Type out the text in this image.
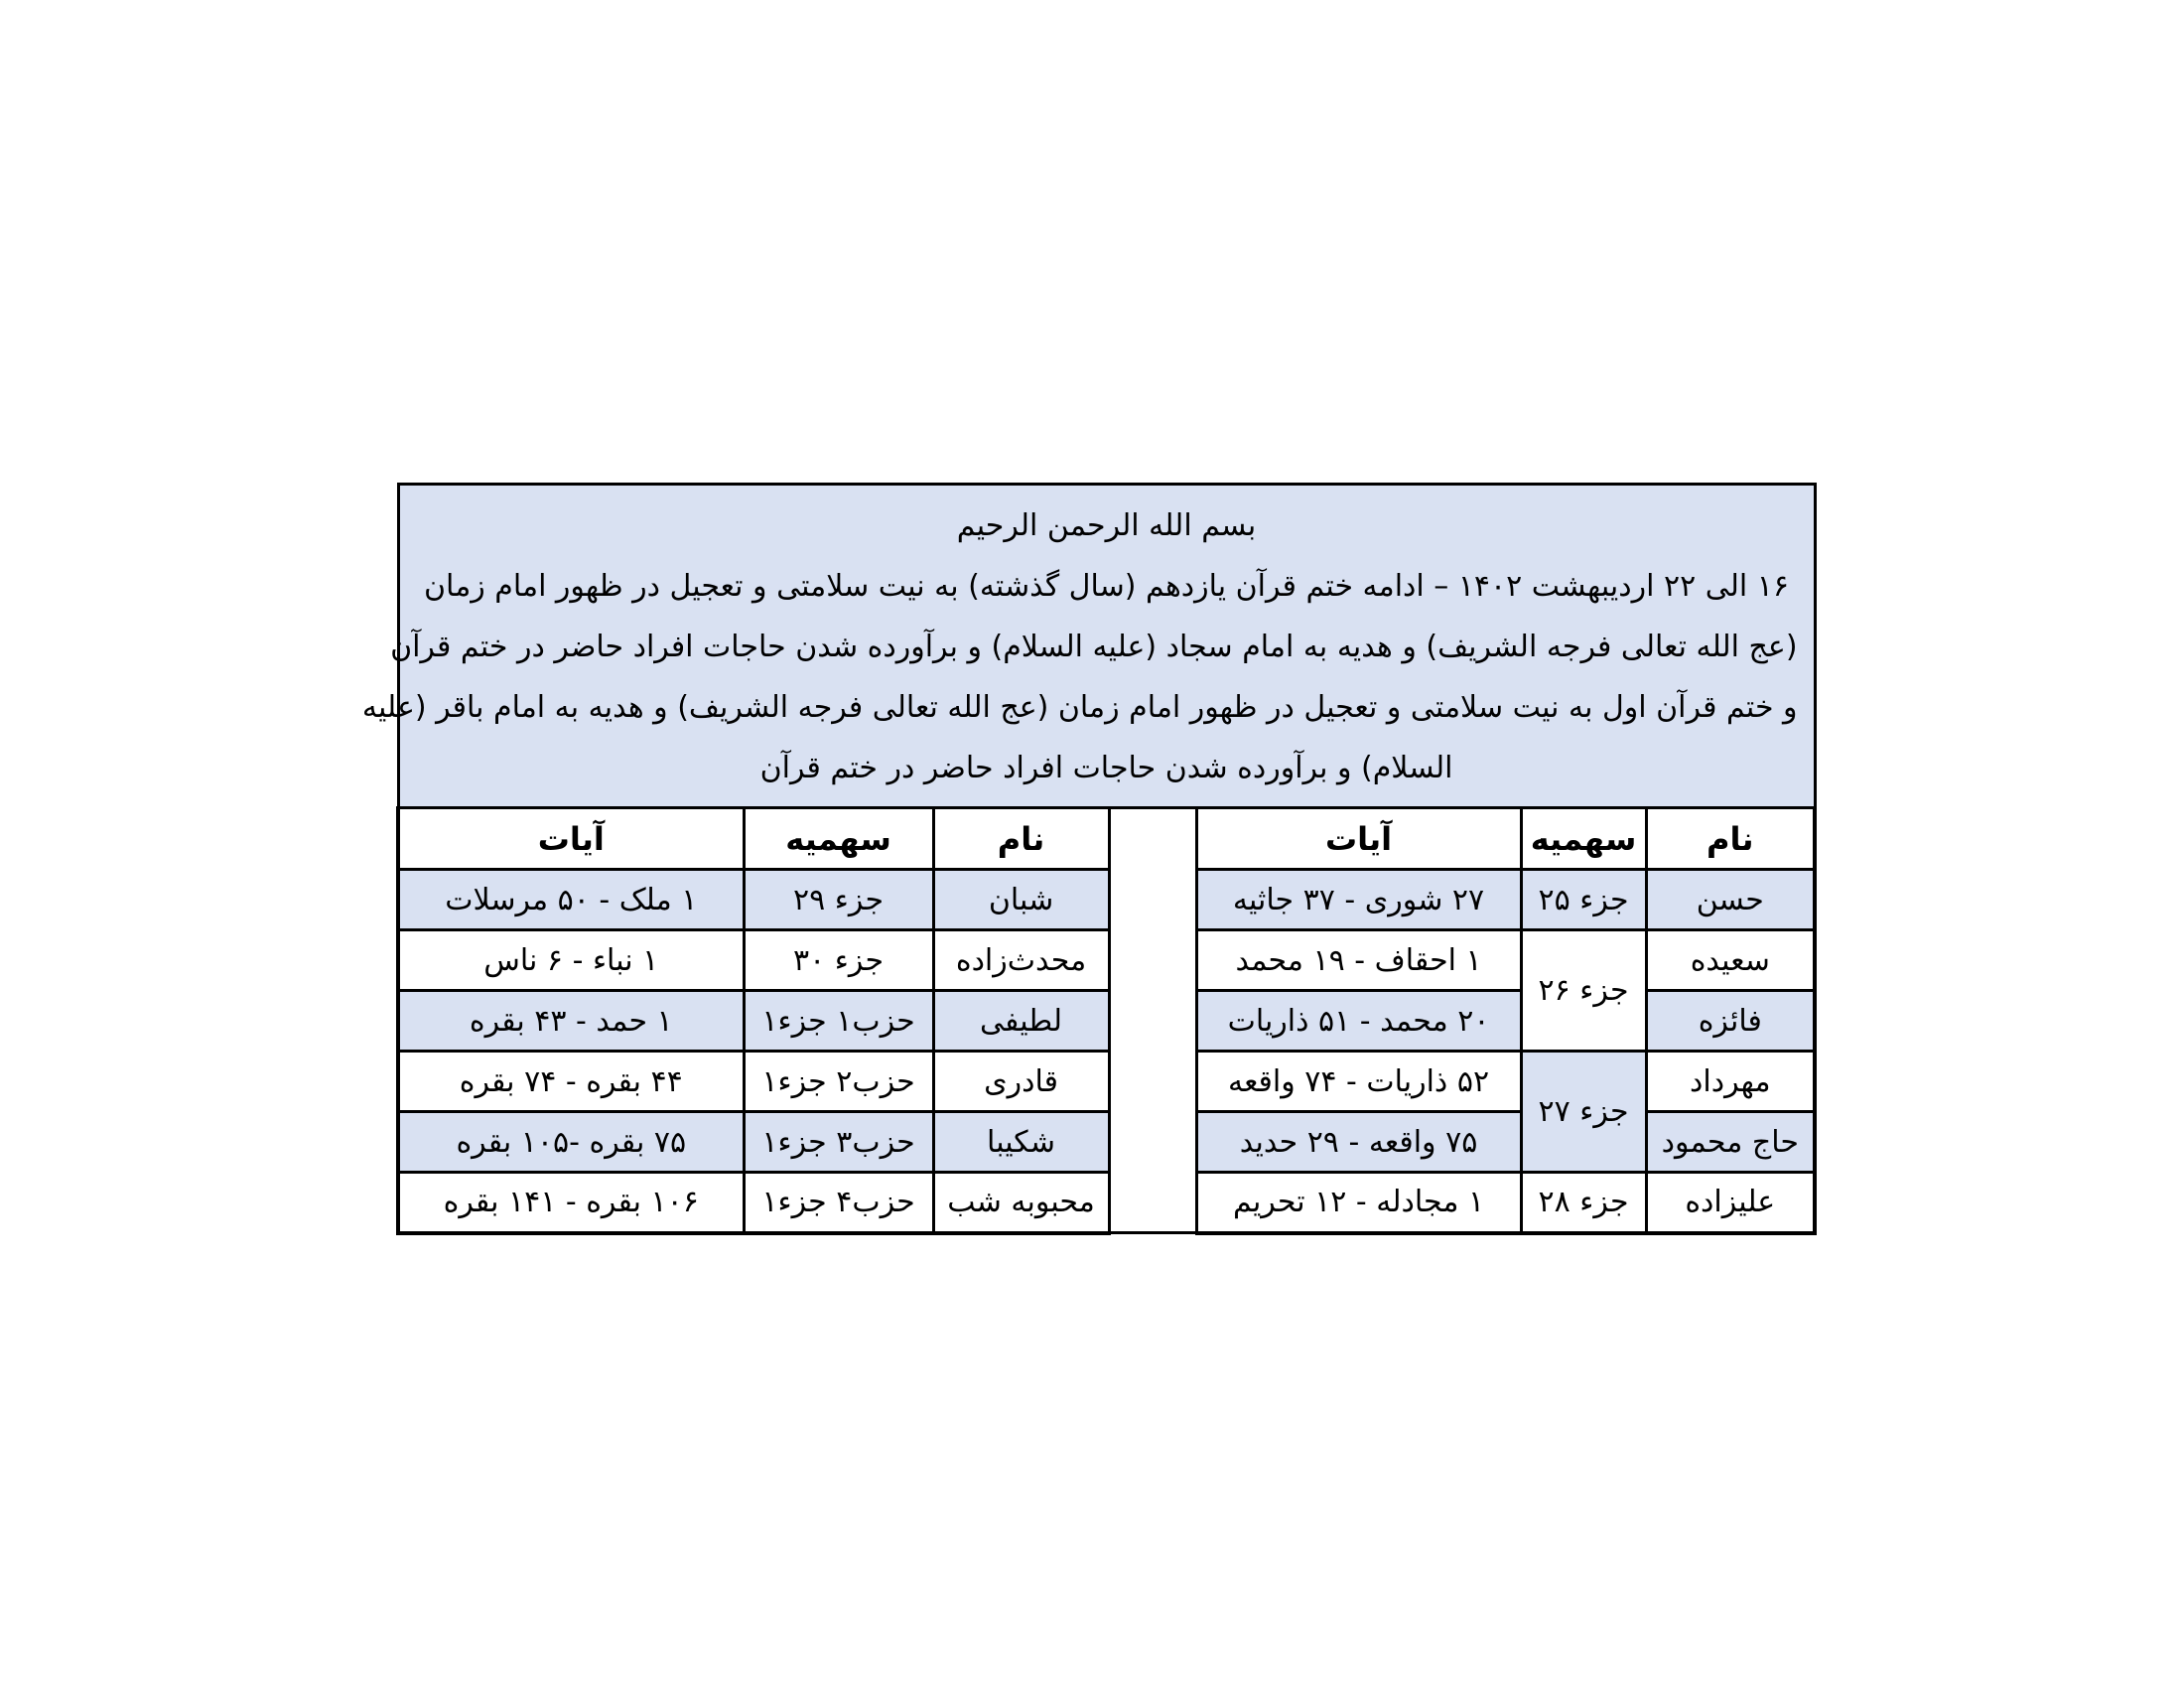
بسم الله الرحمن الرحیم
۱۶ الی ۲۲ اردیبهشت ۱۴۰۲ – ادامه ختم قرآن یازدهم (سال گذشته) به نیت سلامتی و تعجیل در ظهور امام زمان
(عج الله تعالی فرجه الشریف) و هدیه به امام سجاد (علیه السلام) و برآورده شدن حاجات افراد حاضر در ختم قرآن
و ختم قرآن اول به نیت سلامتی و تعجیل در ظهور امام زمان (عج الله تعالی فرجه الشریف) و هدیه به امام باقر (علیه
السلام) و برآورده شدن حاجات افراد حاضر در ختم قرآن						

نام	سهمیه	آیات		نام	سهمیه	آیات
حسن	جزء ۲۵	۲۷ شوری - ۳۷ جاثیه		شبان	جزء ۲۹	۱ ملک - ۵۰ مرسلات
سعیده	جزء ۲۶	۱ احقاف - ۱۹ محمد		محدث‌زاده	جزء ۳۰	۱ نباء - ۶ ناس
فائزه		۲۰ محمد - ۵۱ ذاریات		لطیفی	حزب۱ جزء۱	۱ حمد - ۴۳ بقره
مهرداد	جزء ۲۷	۵۲ ذاریات - ۷۴ واقعه		قادری	حزب۲ جزء۱	۴۴ بقره - ۷۴ بقره
حاج محمود		۷۵ واقعه - ۲۹ حدید		شکیبا	حزب۳ جزء۱	۷۵ بقره -۱۰۵ بقره
علیزاده	جزء ۲۸	۱ مجادله - ۱۲ تحریم		محبوبه شب	حزب۴ جزء۱	۱۰۶ بقره - ۱۴۱ بقره
